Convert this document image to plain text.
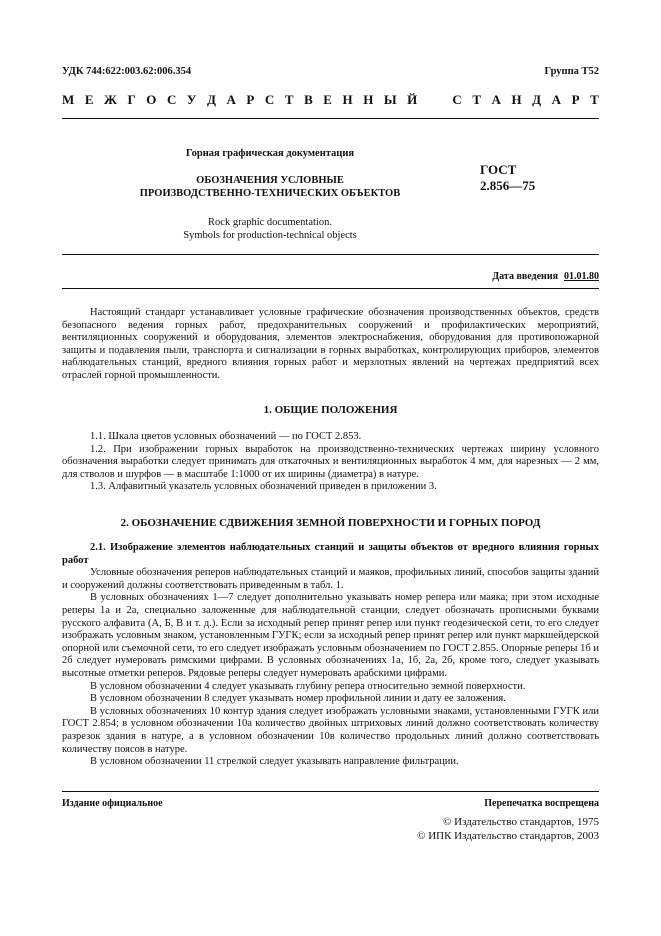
УДК 744:622:003.62:006.354	Группа Т52
М Е Ж Г О С У Д А Р С Т В Е Н Н Ы Й	С Т А Н Д А Р Т
Горная графическая документация
ОБОЗНАЧЕНИЯ УСЛОВНЫЕ
ПРОИЗВОДСТВЕННО-ТЕХНИЧЕСКИХ ОБЪЕКТОВ
Rock graphic documentation.
Symbols for production-technical objects
ГОСТ
2.856—75
Дата введения 01.01.80

Настоящий стандарт устанавливает условные графические обозначения производственных объектов, средств безопасного ведения горных работ, предохранительных сооружений и профилактических мероприятий, вентиляционных сооружений и оборудования, элементов электроснабжения, оборудования для противопожарной защиты и подавления пыли, транспорта и сигнализации в горных выработках, контролирующих приборов, элементов наблюдательных станций, вредного влияния горных работ и мерзлотных явлений на чертежах предприятий всех отраслей горной промышленности.

1. ОБЩИЕ ПОЛОЖЕНИЯ

1.1. Шкала цветов условных обозначений — по ГОСТ 2.853.

1.2. При изображении горных выработок на производственно-технических чертежах ширину условного обозначения выработки следует принимать для откаточных и вентиляционных выработок 4 мм, для нарезных — 2 мм, для стволов и шурфов — в масштабе 1:1000 от их ширины (диаметра) в натуре.

1.3. Алфавитный указатель условных обозначений приведен в приложении 3.

2. ОБОЗНАЧЕНИЕ СДВИЖЕНИЯ ЗЕМНОЙ ПОВЕРХНОСТИ И ГОРНЫХ ПОРОД

2.1. Изображение элементов наблюдательных станций и защиты объектов от вредного влияния горных работ

Условные обозначения реперов наблюдательных станций и маяков, профильных линий, способов защиты зданий и сооружений должны соответствовать приведенным в табл. 1.

В условных обозначениях 1—7 следует дополнительно указывать номер репера или маяка; при этом исходные реперы 1а и 2а, специально заложенные для наблюдательной станции, следует обозначать прописными буквами русского алфавита (А, Б, В и т. д.). Если за исходный репер принят репер или пункт геодезической сети, то его следует изображать условным знаком, установленным ГУГК; если за исходный репер принят репер или пункт маркшейдерской опорной или съемочной сети, то его следует изображать условным обозначением по ГОСТ 2.855. Опорные реперы 1б и 2б следует нумеровать римскими цифрами. В условных обозначениях 1а, 1б, 2а, 2б, кроме того, следует указывать высотные отметки реперов. Рядовые реперы следует нумеровать арабскими цифрами.

В условном обозначении 4 следует указывать глубину репера относительно земной поверхности.

В условном обозначении 8 следует указывать номер профильной линии и дату ее заложения.

В условных обозначениях 10 контур здания следует изображать условными знаками, установленными ГУГК или ГОСТ 2.854; в условном обозначении 10а количество двойных штриховых линий должно соответствовать количеству разрезок здания в натуре, а в условном обозначении 10в количество продольных линий должно соответствовать количеству поясов в натуре.

В условном обозначении 11 стрелкой следует указывать направление фильтрации.

Издание официальное	Перепечатка воспрещена
© Издательство стандартов, 1975
© ИПК Издательство стандартов, 2003
